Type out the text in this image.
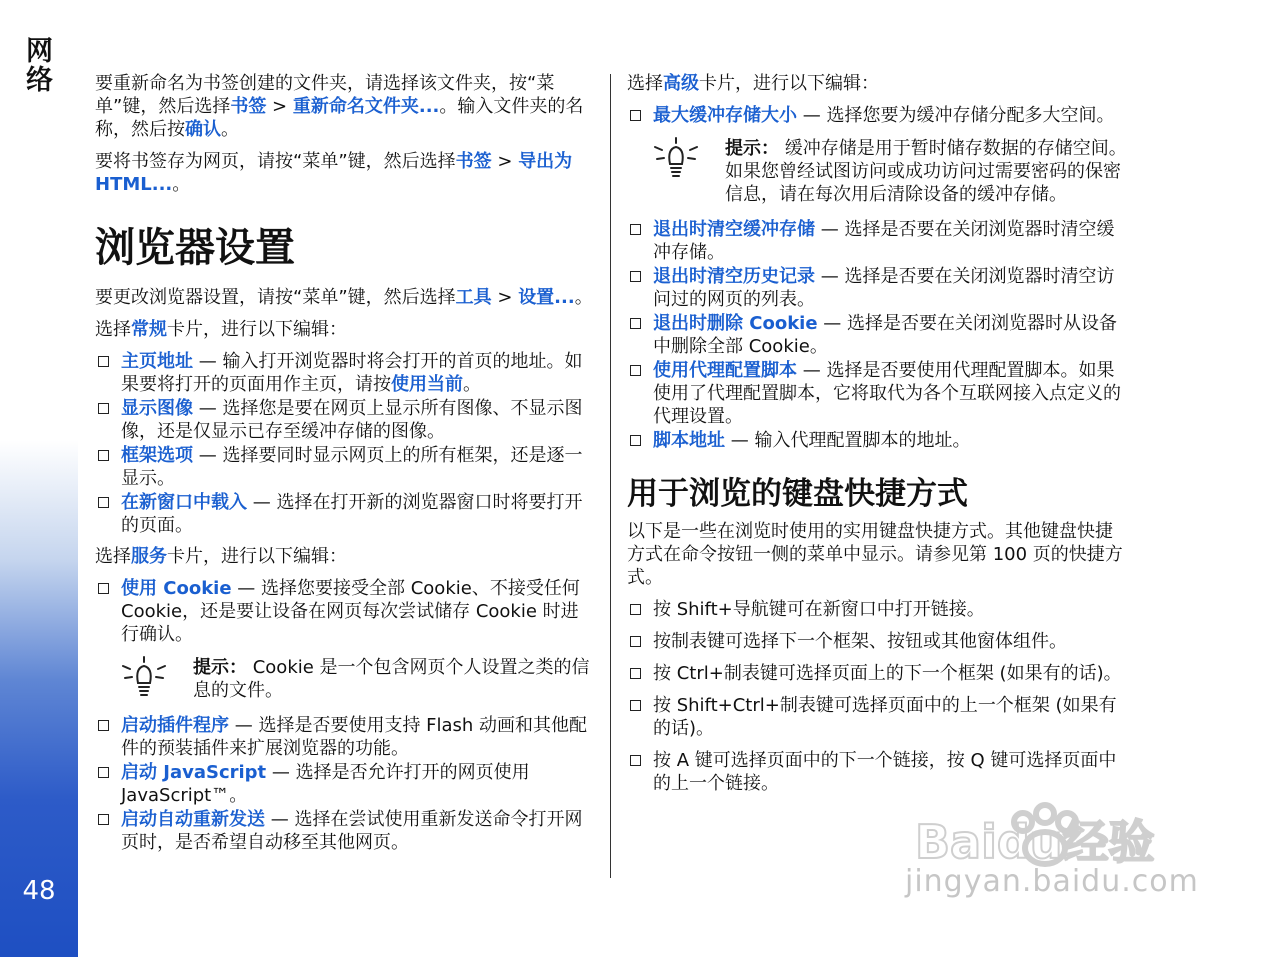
网络
48

要重新命名为书签创建的文件夹，请选择该文件夹，按“菜单”键，然后选择书签 > 重新命名文件夹...。输入文件夹的名称，然后按确认。

要将书签存为网页，请按“菜单”键，然后选择书签 > 导出为 HTML...。

浏览器设置

要更改浏览器设置，请按“菜单”键，然后选择工具 > 设置...。

选择常规卡片，进行以下编辑：

主页地址 — 输入打开浏览器时将会打开的首页的地址。如果要将打开的页面用作主页，请按使用当前。
显示图像 — 选择您是要在网页上显示所有图像、不显示图像，还是仅显示已存至缓冲存储的图像。
框架选项 — 选择要同时显示网页上的所有框架，还是逐一显示。
在新窗口中载入 — 选择在打开新的浏览器窗口时将要打开的页面。

选择服务卡片，进行以下编辑：

使用 Cookie — 选择您要接受全部 Cookie、不接受任何 Cookie，还是要让设备在网页每次尝试储存 Cookie 时进行确认。
提示： Cookie 是一个包含网页个人设置之类的信息的文件。
启动插件程序 — 选择是否要使用支持 Flash 动画和其他配件的预装插件来扩展浏览器的功能。
启动 JavaScript — 选择是否允许打开的网页使用 JavaScript™。
启动自动重新发送 — 选择在尝试使用重新发送命令打开网页时，是否希望自动移至其他网页。

选择高级卡片，进行以下编辑：

最大缓冲存储大小 — 选择您要为缓冲存储分配多大空间。
提示： 缓冲存储是用于暂时储存数据的存储空间。如果您曾经试图访问或成功访问过需要密码的保密信息，请在每次用后清除设备的缓冲存储。
退出时清空缓冲存储 — 选择是否要在关闭浏览器时清空缓冲存储。
退出时清空历史记录 — 选择是否要在关闭浏览器时清空访问过的网页的列表。
退出时删除 Cookie — 选择是否要在关闭浏览器时从设备中删除全部 Cookie。
使用代理配置脚本 — 选择是否要使用代理配置脚本。如果使用了代理配置脚本，它将取代为各个互联网接入点定义的代理设置。
脚本地址 — 输入代理配置脚本的地址。
用于浏览的键盘快捷方式

以下是一些在浏览时使用的实用键盘快捷方式。其他键盘快捷方式在命令按钮一侧的菜单中显示。请参见第 100 页的快捷方式。

按 Shift+导航键可在新窗口中打开链接。
按制表键可选择下一个框架、按钮或其他窗体组件。
按 Ctrl+制表键可选择页面上的下一个框架 (如果有的话)。
按 Shift+Ctrl+制表键可选择页面中的上一个框架 (如果有的话)。
按 A 键可选择页面中的下一个链接，按 Q 键可选择页面中的上一个链接。
Baidu经验
jingyan.baidu.com
